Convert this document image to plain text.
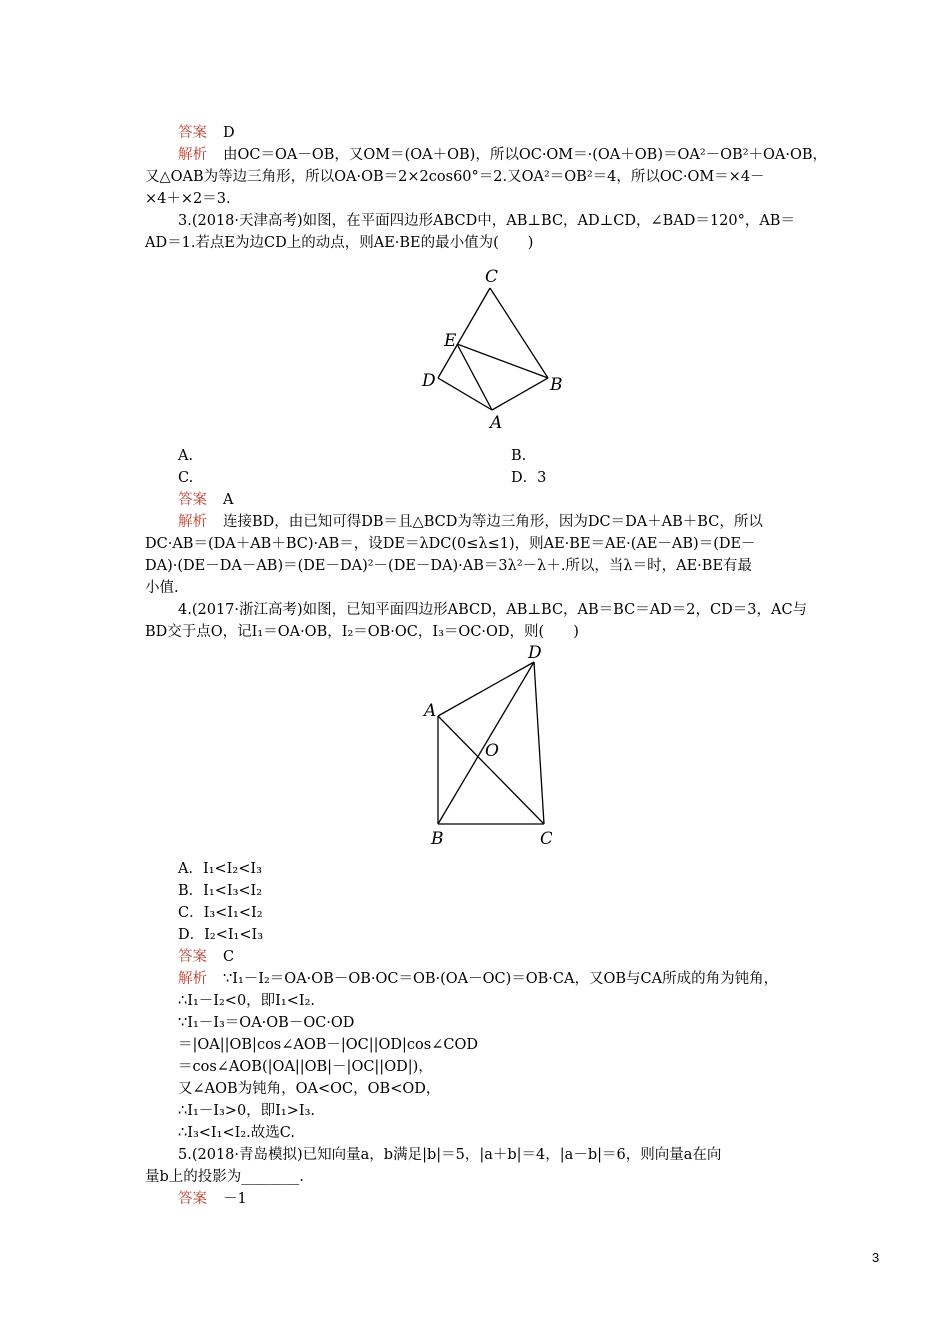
答案 D
解析 由OC＝OA－OB，又OM＝(OA＋OB)，所以OC·OM＝·(OA＋OB)＝OA²－OB²＋OA·OB，
又△OAB为等边三角形，所以OA·OB＝2×2cos60°＝2.又OA²＝OB²＝4，所以OC·OM＝×4－
×4＋×2＝3.
3.(2018·天津高考)如图，在平面四边形ABCD中，AB⊥BC，AD⊥CD，∠BAD＝120°，AB＝
AD＝1.若点E为边CD上的动点，则AE·BE的最小值为(　　)
C
E
D	B
A
A.	B.
C.	D．3
答案 A
解析 连接BD，由已知可得DB＝且△BCD为等边三角形，因为DC＝DA＋AB＋BC，所以
DC·AB＝(DA＋AB＋BC)·AB＝，设DE＝λDC(0≤λ≤1)，则AE·BE＝AE·(AE－AB)＝(DE－
DA)·(DE－DA－AB)＝(DE－DA)²－(DE－DA)·AB＝3λ²－λ＋.所以，当λ＝时，AE·BE有最
小值.
4.(2017·浙江高考)如图，已知平面四边形ABCD，AB⊥BC，AB＝BC＝AD＝2，CD＝3，AC与
BD交于点O，记I₁＝OA·OB，I₂＝OB·OC，I₃＝OC·OD，则(　　)
D
A
O
B	C
A．I₁<I₂<I₃
B．I₁<I₃<I₂
C．I₃<I₁<I₂
D．I₂<I₁<I₃
答案 C
解析 ∵I₁－I₂＝OA·OB－OB·OC＝OB·(OA－OC)＝OB·CA，又OB与CA所成的角为钝角，
∴I₁－I₂<0，即I₁<I₂.
∵I₁－I₃＝OA·OB－OC·OD
＝|OA||OB|cos∠AOB－|OC||OD|cos∠COD
＝cos∠AOB(|OA||OB|－|OC||OD|)，
又∠AOB为钝角，OA<OC，OB<OD，
∴I₁－I₃>0，即I₁>I₃.
∴I₃<I₁<I₂.故选C.
5.(2018·青岛模拟)已知向量a，b满足|b|＝5，|a＋b|＝4，|a－b|＝6，则向量a在向
量b上的投影为________.
答案 －1
3
